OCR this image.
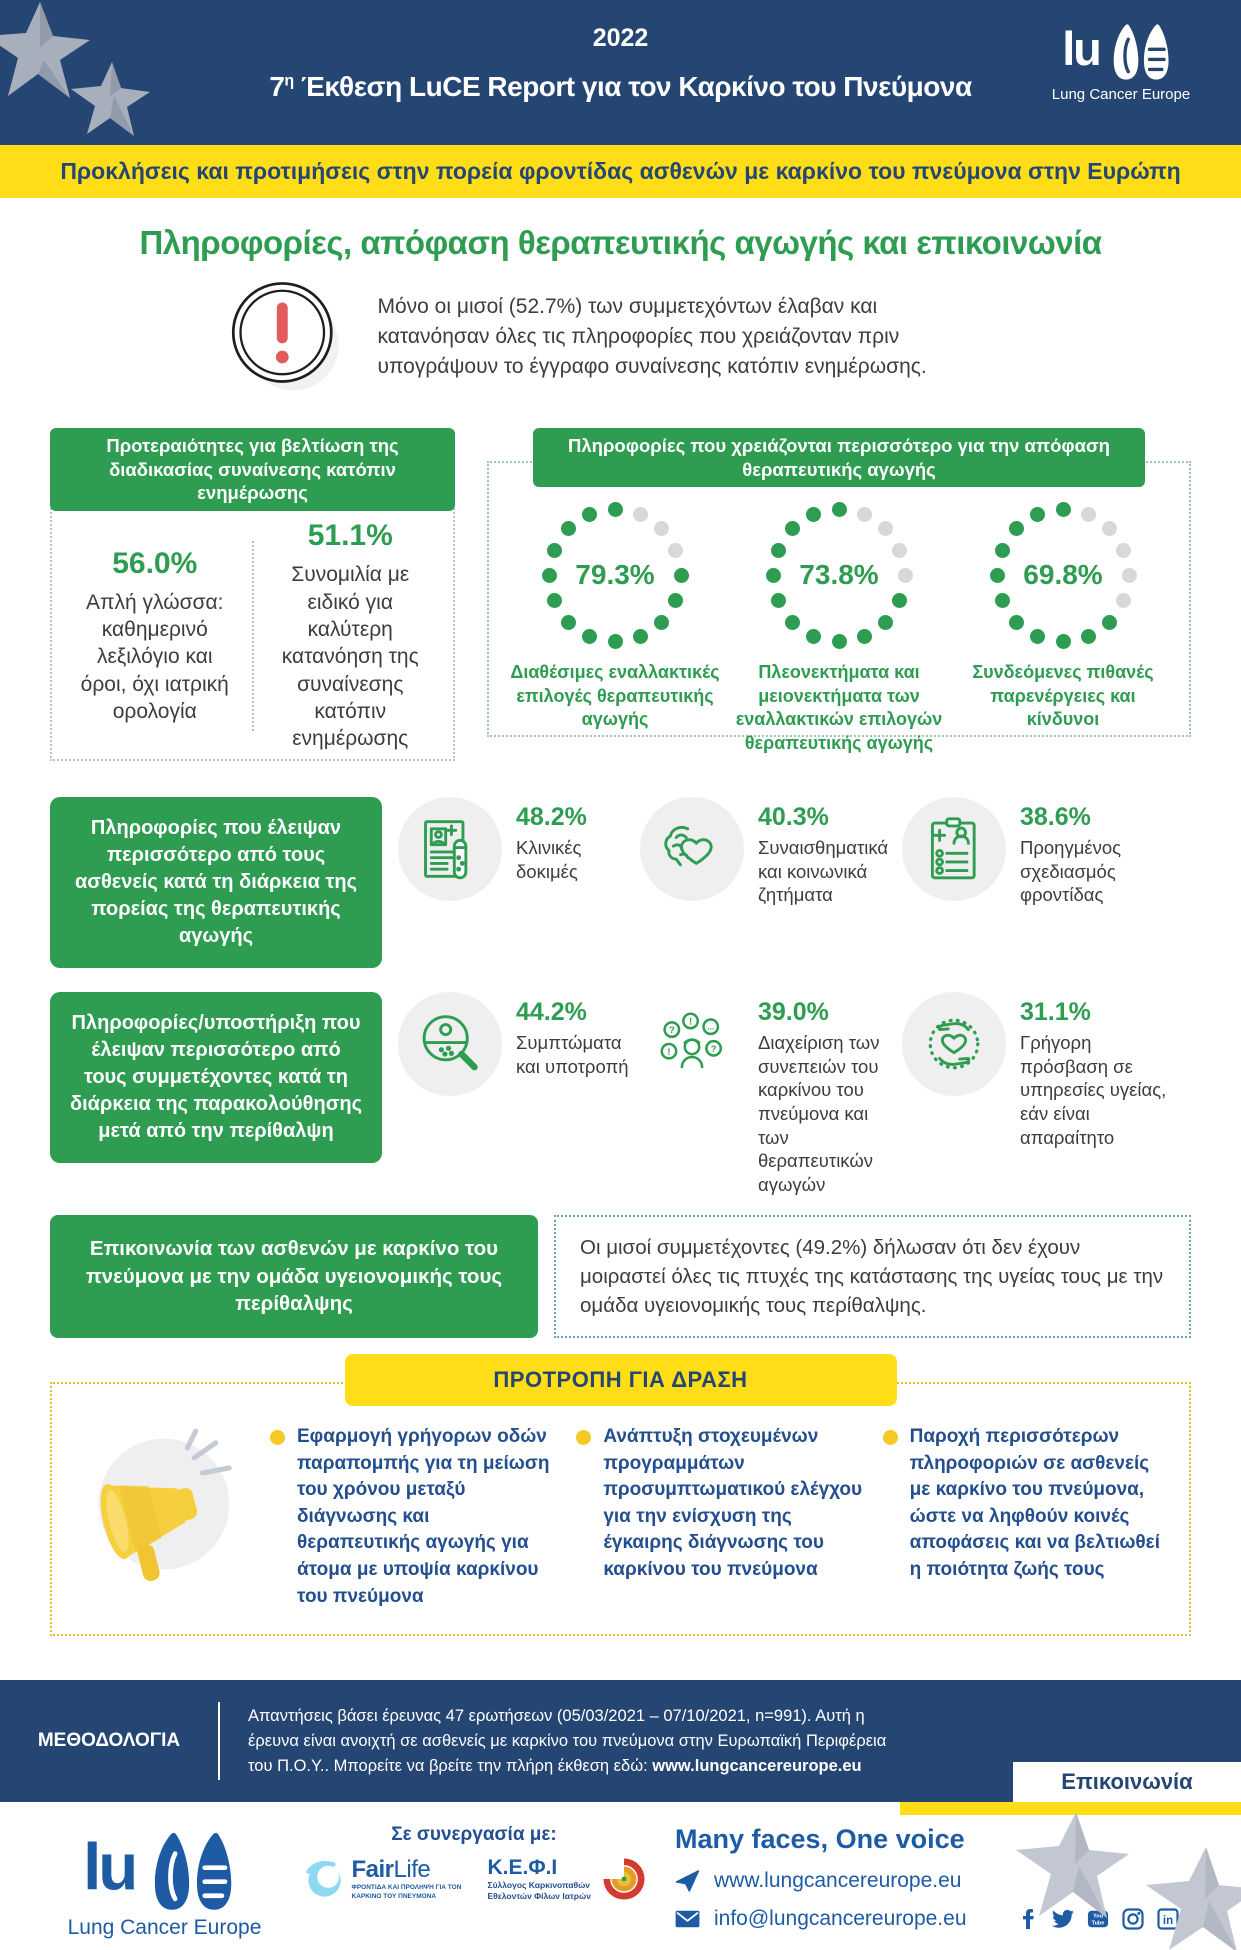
2022
$7^\eta$ Έκθεση LuCE Report για τον Καρκίνο του Πνεύμονα
lu
Lung Cancer Europe
Προκλήσεις και προτιμήσεις στην πορεία φροντίδας ασθενών με καρκίνο του πνεύμονα στην Ευρώπη
Πληροφορίες, απόφαση θεραπευτικής αγωγής και επικοινωνία
Μόνο οι μισοί (52.7%) των συμμετεχόντων έλαβαν και κατανόησαν όλες τις πληροφορίες που χρειάζονταν πριν υπογράψουν το έγγραφο συναίνεσης κατόπιν ενημέρωσης.
Προτεραιότητες για βελτίωση της διαδικασίας συναίνεσης κατόπιν ενημέρωσης
56.0%
Απλή γλώσσα: καθημερινό λεξιλόγιο και όροι, όχι ιατρική ορολογία
51.1%
Συνομιλία με ειδικό για καλύτερη κατανόηση της συναίνεσης κατόπιν ενημέρωσης
Πληροφορίες που χρειάζονται περισσότερο για την απόφαση θεραπευτικής αγωγής
79.3%
Διαθέσιμες εναλλακτικές επιλογές θεραπευτικής αγωγής
73.8%
Πλεονεκτήματα και μειονεκτήματα των εναλλακτικών επιλογών θεραπευτικής αγωγής
69.8%
Συνδεόμενες πιθανές παρενέργειες και κίνδυνοι
Πληροφορίες που έλειψαν περισσότερο από τους ασθενείς κατά τη διάρκεια της πορείας της θεραπευτικής αγωγής
48.2%
Κλινικές δοκιμές
40.3%
Συναισθηματικά και κοινωνικά ζητήματα
38.6%
Προηγμένος σχεδιασμός φροντίδας
Πληροφορίες/υποστήριξη που έλειψαν περισσότερο από τους συμμετέχοντες κατά τη διάρκεια της παρακολούθησης μετά από την περίθαλψη
44.2%
Συμπτώματα και υποτροπή
?
!
...
!	?
39.0%
Διαχείριση των συνεπειών του καρκίνου του πνεύμονα και των θεραπευτικών αγωγών
31.1%
Γρήγορη πρόσβαση σε υπηρεσίες υγείας, εάν είναι απαραίτητο
Επικοινωνία των ασθενών με καρκίνο του πνεύμονα με την ομάδα υγειονομικής τους περίθαλψης
Οι μισοί συμμετέχοντες (49.2%) δήλωσαν ότι δεν έχουν μοιραστεί όλες τις πτυχές της κατάστασης της υγείας τους με την ομάδα υγειονομικής τους περίθαλψης.
ΠΡΟΤΡΟΠΗ ΓΙΑ ΔΡΑΣΗ
Εφαρμογή γρήγορων οδών παραπομπής για τη μείωση του χρόνου μεταξύ διάγνωσης και θεραπευτικής αγωγής για άτομα με υποψία καρκίνου του πνεύμονα
Ανάπτυξη στοχευμένων προγραμμάτων προσυμπτωματικού ελέγχου για την ενίσχυση της έγκαιρης διάγνωσης του καρκίνου του πνεύμονα
Παροχή περισσότερων πληροφοριών σε ασθενείς με καρκίνο του πνεύμονα, ώστε να ληφθούν κοινές αποφάσεις και να βελτιωθεί η ποιότητα ζωής τους
ΜΕΘΟΔΟΛΟΓΙΑ
Απαντήσεις βάσει έρευνας 47 ερωτήσεων (05/03/2021 – 07/10/2021, n=991). Αυτή η έρευνα είναι ανοιχτή σε ασθενείς με καρκίνο του πνεύμονα στην Ευρωπαϊκή Περιφέρεια του Π.Ο.Υ.. Μπορείτε να βρείτε την πλήρη έκθεση εδώ: www.lungcancereurope.eu
Επικοινωνία
lu
Lung Cancer Europe
Σε συνεργασία με:
FairLife
ΦΡΟΝΤΙΔΑ ΚΑΙ ΠΡΟΛΗΨΗ ΓΙΑ ΤΟΝ ΚΑΡΚΙΝΟ ΤΟΥ ΠΝΕΥΜΟΝΑ
Κ.Ε.Φ.Ι
Σύλλογος Καρκινοπαθών Εθελοντών Φίλων Ιατρών
Many faces, One voice
www.lungcancereurope.eu
info@lungcancereurope.eu	You
Tube	in
